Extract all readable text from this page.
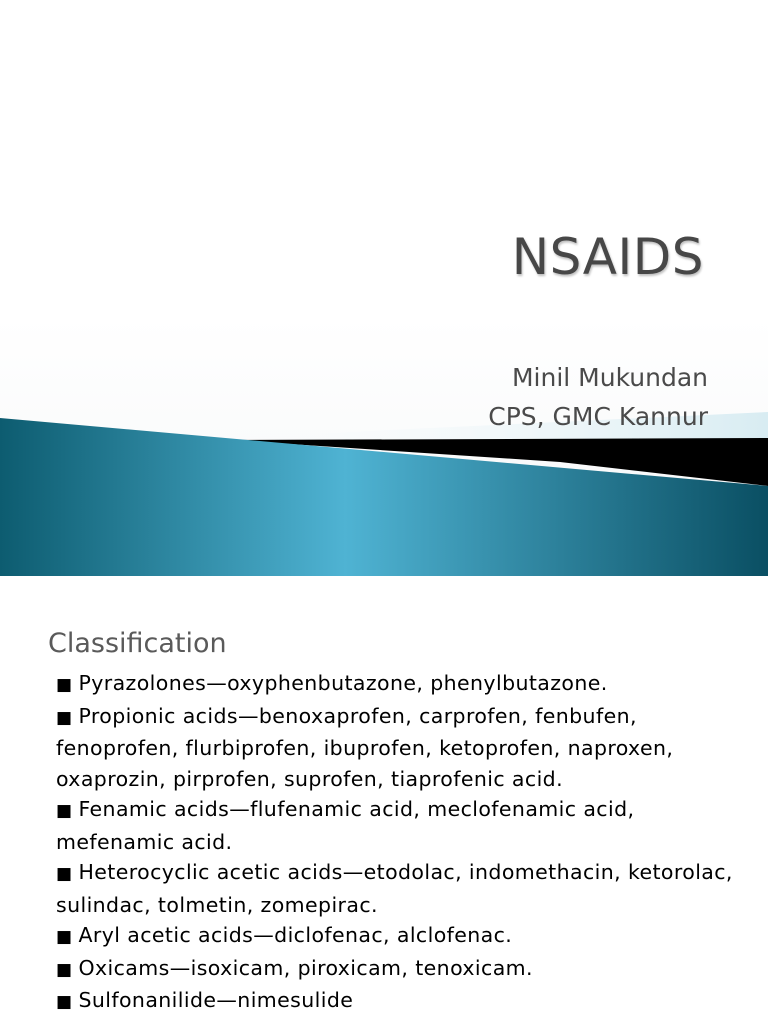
NSAIDS
Minil Mukundan
CPS, GMC Kannur
Classification

■ Pyrazolones—oxyphenbutazone, phenylbutazone.

■ Propionic acids—benoxaprofen, carprofen, fenbufen, fenoprofen, flurbiprofen, ibuprofen, ketoprofen, naproxen, oxaprozin, pirprofen, suprofen, tiaprofenic acid.

■ Fenamic acids—flufenamic acid, meclofenamic acid, mefenamic acid.

■ Heterocyclic acetic acids—etodolac, indomethacin, ketorolac, sulindac, tolmetin, zomepirac.

■ Aryl acetic acids—diclofenac, alclofenac.

■ Oxicams—isoxicam, piroxicam, tenoxicam.

■ Sulfonanilide—nimesulide
